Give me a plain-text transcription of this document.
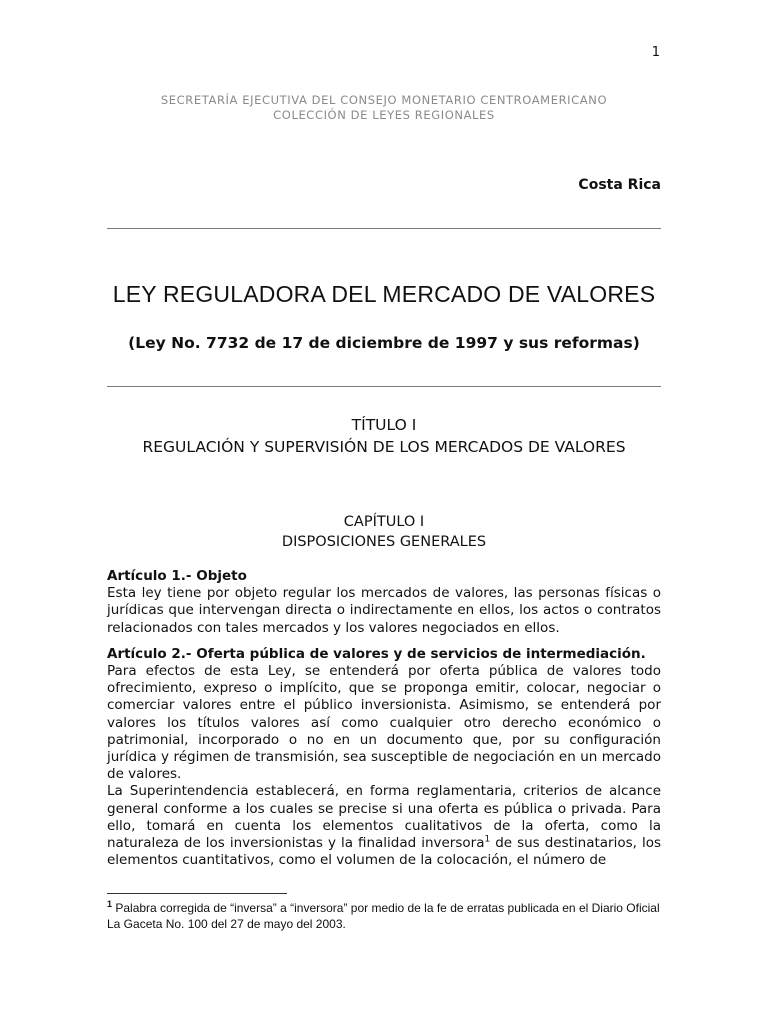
1
SECRETARÍA EJECUTIVA DEL CONSEJO MONETARIO CENTROAMERICANO
COLECCIÓN DE LEYES REGIONALES
Costa Rica
LEY REGULADORA DEL MERCADO DE VALORES
(Ley No. 7732 de 17 de diciembre de 1997 y sus reformas)
TÍTULO I
REGULACIÓN Y SUPERVISIÓN DE LOS MERCADOS DE VALORES
CAPÍTULO I
DISPOSICIONES GENERALES
Artículo 1.- Objeto

Esta ley tiene por objeto regular los mercados de valores, las personas físicas o jurídicas que intervengan directa o indirectamente en ellos, los actos o contratos relacionados con tales mercados y los valores negociados en ellos.

Artículo 2.- Oferta pública de valores y de servicios de intermediación.

Para efectos de esta Ley, se entenderá por oferta pública de valores todo ofrecimiento, expreso o implícito, que se proponga emitir, colocar, negociar o comerciar valores entre el público inversionista. Asimismo, se entenderá por valores los títulos valores así como cualquier otro derecho económico o patrimonial, incorporado o no en un documento que, por su configuración jurídica y régimen de transmisión, sea susceptible de negociación en un mercado de valores.

La Superintendencia establecerá, en forma reglamentaria, criterios de alcance general conforme a los cuales se precise si una oferta es pública o privada. Para ello, tomará en cuenta los elementos cualitativos de la oferta, como la naturaleza de los inversionistas y la finalidad inversora$^1$ de sus destinatarios, los elementos cuantitativos, como el volumen de la colocación, el número de

$^1$ Palabra corregida de “inversa” a “inversora” por medio de la fe de erratas publicada en el Diario Oficial La Gaceta No. 100 del 27 de mayo del 2003.
